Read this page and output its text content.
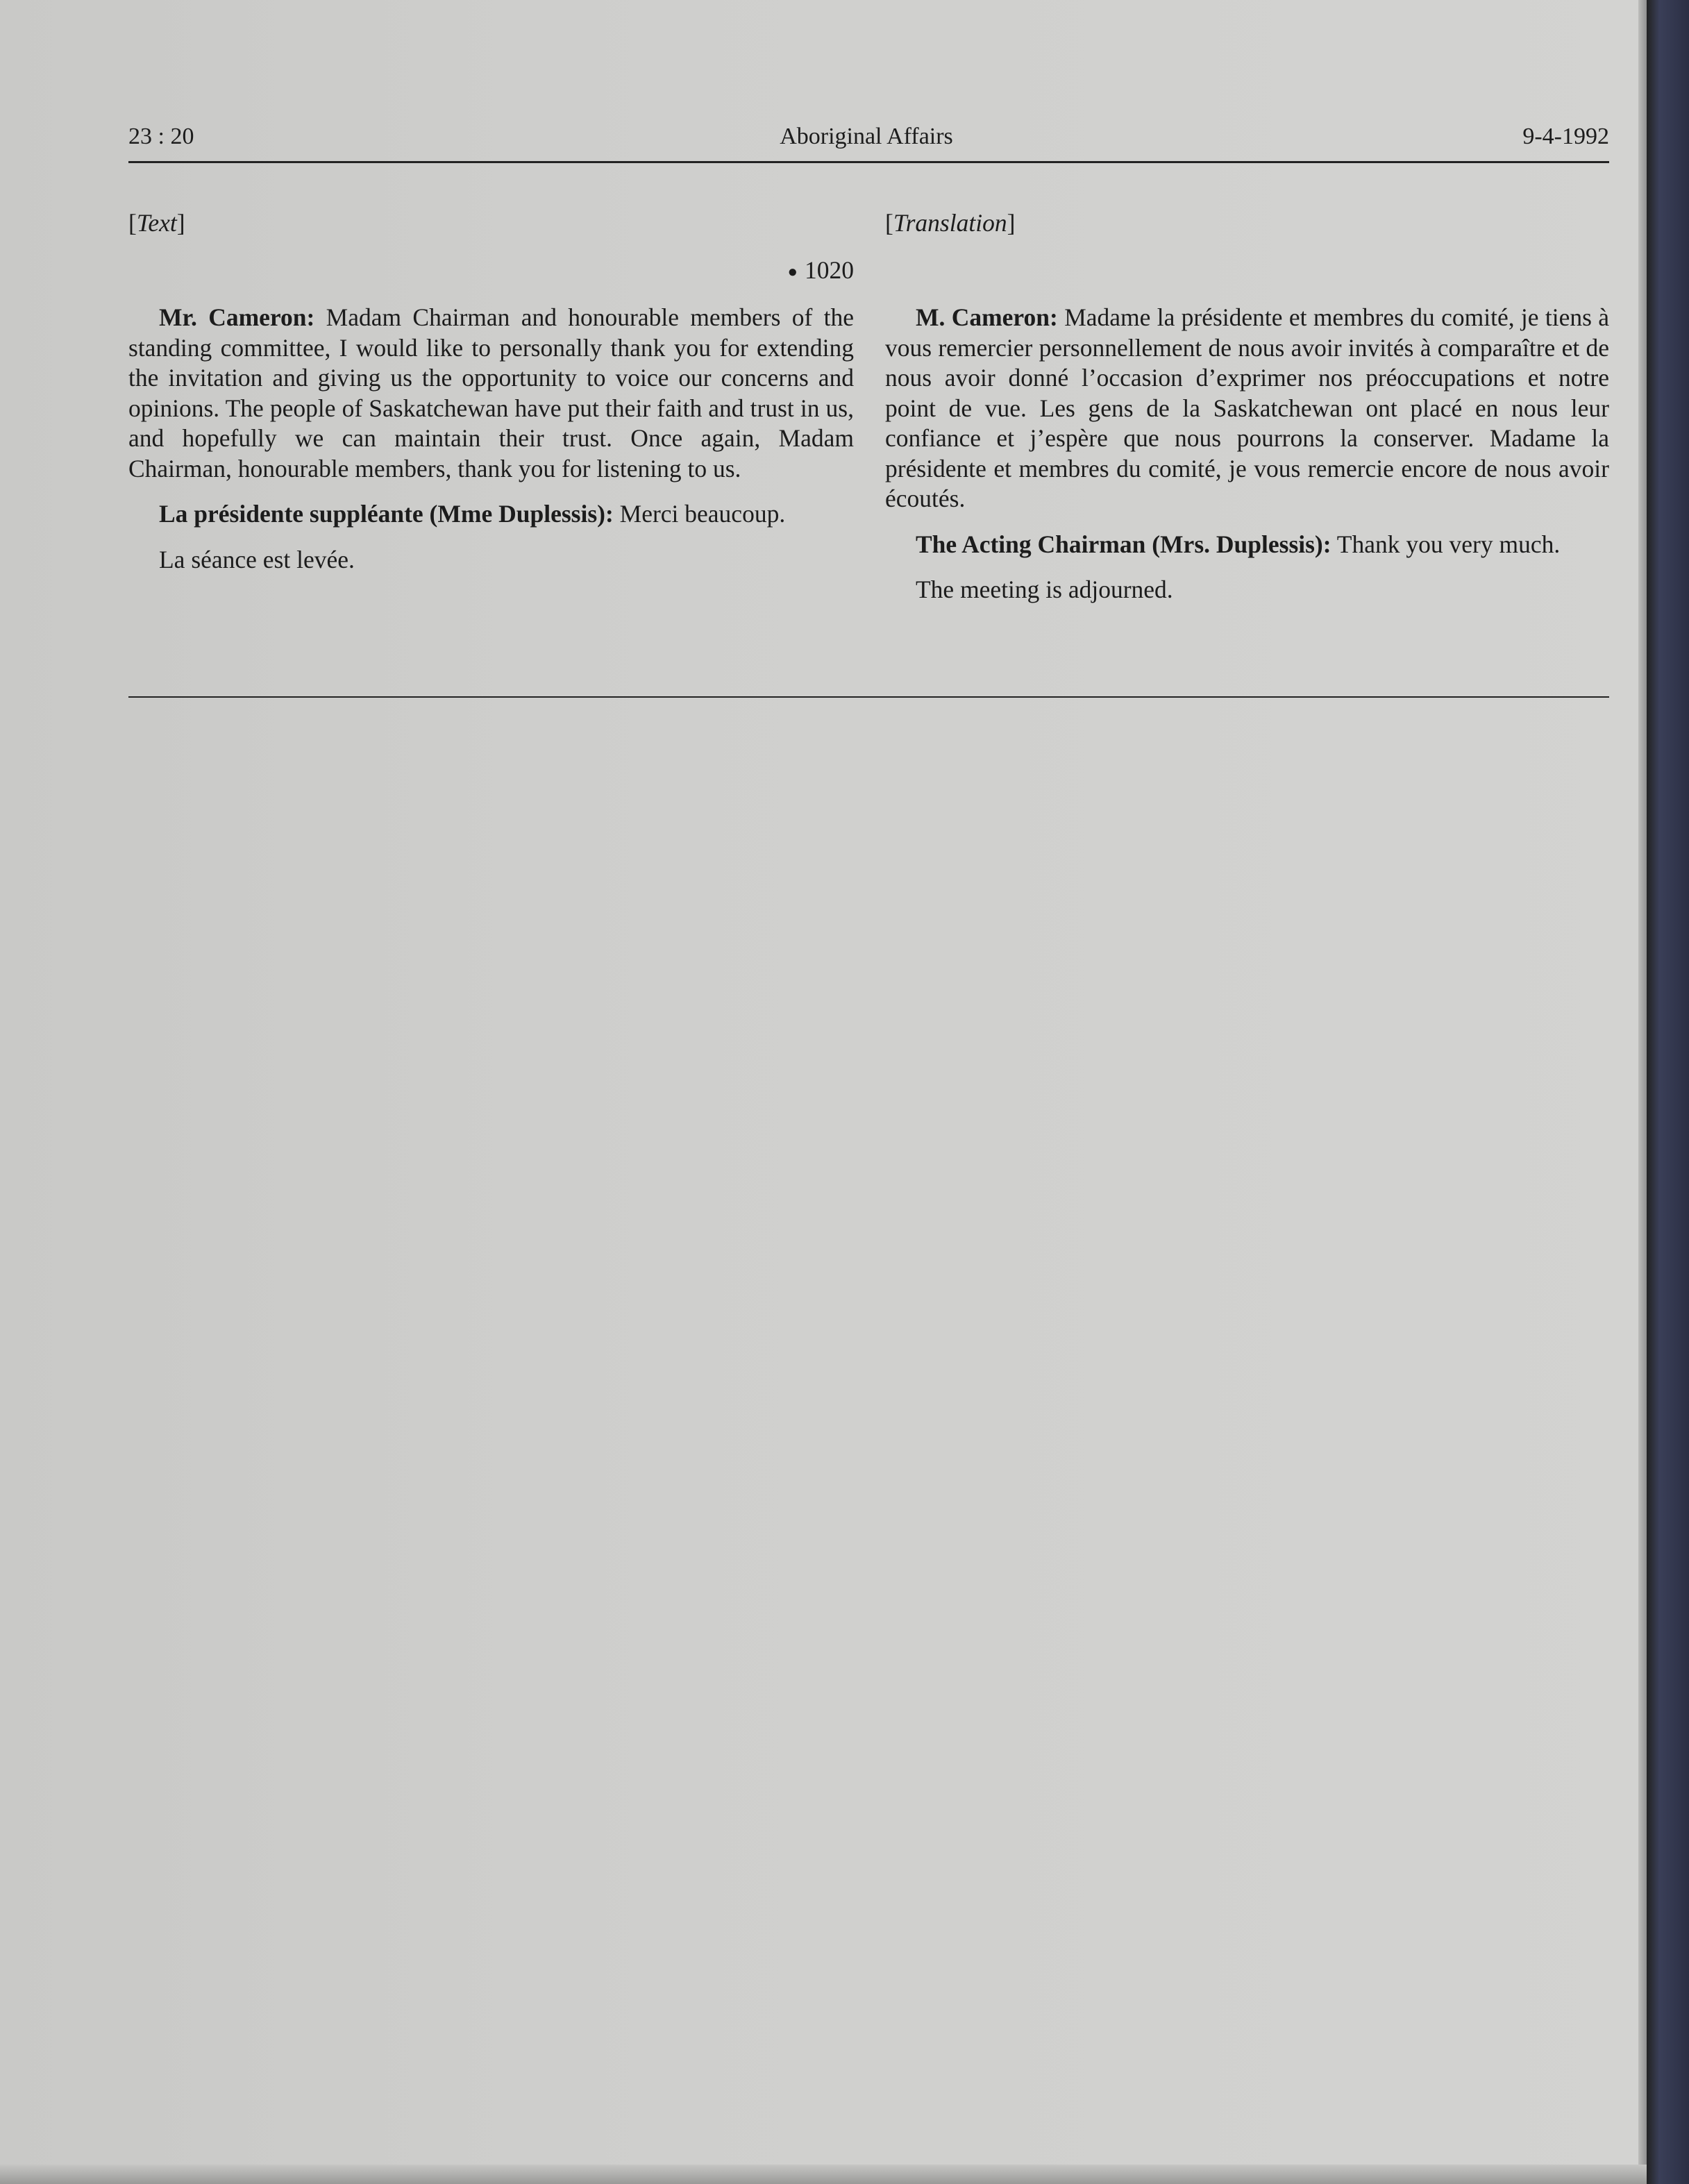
23 : 20	Aboriginal Affairs	9-4-1992
[Text]
● 1020

Mr. Cameron: Madam Chairman and honourable members of the standing committee, I would like to personally thank you for extending the invitation and giving us the opportunity to voice our concerns and opinions. The people of Saskatchewan have put their faith and trust in us, and hopefully we can maintain their trust. Once again, Madam Chairman, honourable members, thank you for listening to us.

La présidente suppléante (Mme Duplessis): Merci beaucoup.

La séance est levée.

[Translation]

M. Cameron: Madame la présidente et membres du comité, je tiens à vous remercier personnellement de nous avoir invités à comparaître et de nous avoir donné l’occasion d’exprimer nos préoccupations et notre point de vue. Les gens de la Saskatchewan ont placé en nous leur confiance et j’espère que nous pourrons la conserver. Madame la présidente et membres du comité, je vous remercie encore de nous avoir écoutés.

The Acting Chairman (Mrs. Duplessis): Thank you very much.

The meeting is adjourned.
